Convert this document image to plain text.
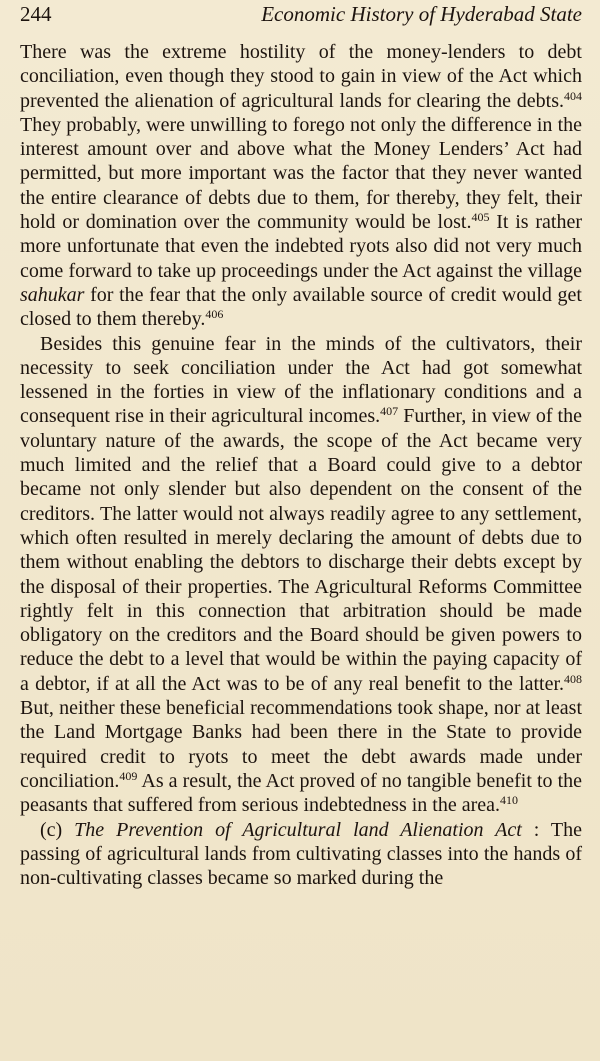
244	Economic History of Hyderabad State

There was the extreme hostility of the money-lenders to debt conciliation, even though they stood to gain in view of the Act which prevented the alienation of agricultural lands for clearing the debts.$^{404}$ They probably, were unwilling to forego not only the difference in the interest amount over and above what the Money Lenders’ Act had permitted, but more important was the factor that they never wanted the entire clearance of debts due to them, for thereby, they felt, their hold or domination over the community would be lost.$^{405}$ It is rather more unfortunate that even the indebted ryots also did not very much come forward to take up proceedings under the Act against the village sahukar for the fear that the only available source of credit would get closed to them thereby.$^{406}$

Besides this genuine fear in the minds of the cultivators, their necessity to seek conciliation under the Act had got somewhat lessened in the forties in view of the inflationary conditions and a consequent rise in their agricultural incomes.$^{407}$ Further, in view of the voluntary nature of the awards, the scope of the Act became very much limited and the relief that a Board could give to a debtor became not only slender but also dependent on the consent of the creditors. The latter would not always readily agree to any settlement, which often resulted in merely declaring the amount of debts due to them without enabling the debtors to discharge their debts except by the disposal of their properties. The Agricultural Reforms Committee rightly felt in this connection that arbitration should be made obligatory on the creditors and the Board should be given powers to reduce the debt to a level that would be within the paying capacity of a debtor, if at all the Act was to be of any real benefit to the latter.$^{408}$ But, neither these beneficial recommendations took shape, nor at least the Land Mortgage Banks had been there in the State to provide required credit to ryots to meet the debt awards made under conciliation.$^{409}$ As a result, the Act proved of no tangible benefit to the peasants that suffered from serious indebtedness in the area.$^{410}$

(c) The Prevention of Agricultural land Alienation Act : The passing of agricultural lands from cultivating classes into the hands of non-cultivating classes became so marked during the
